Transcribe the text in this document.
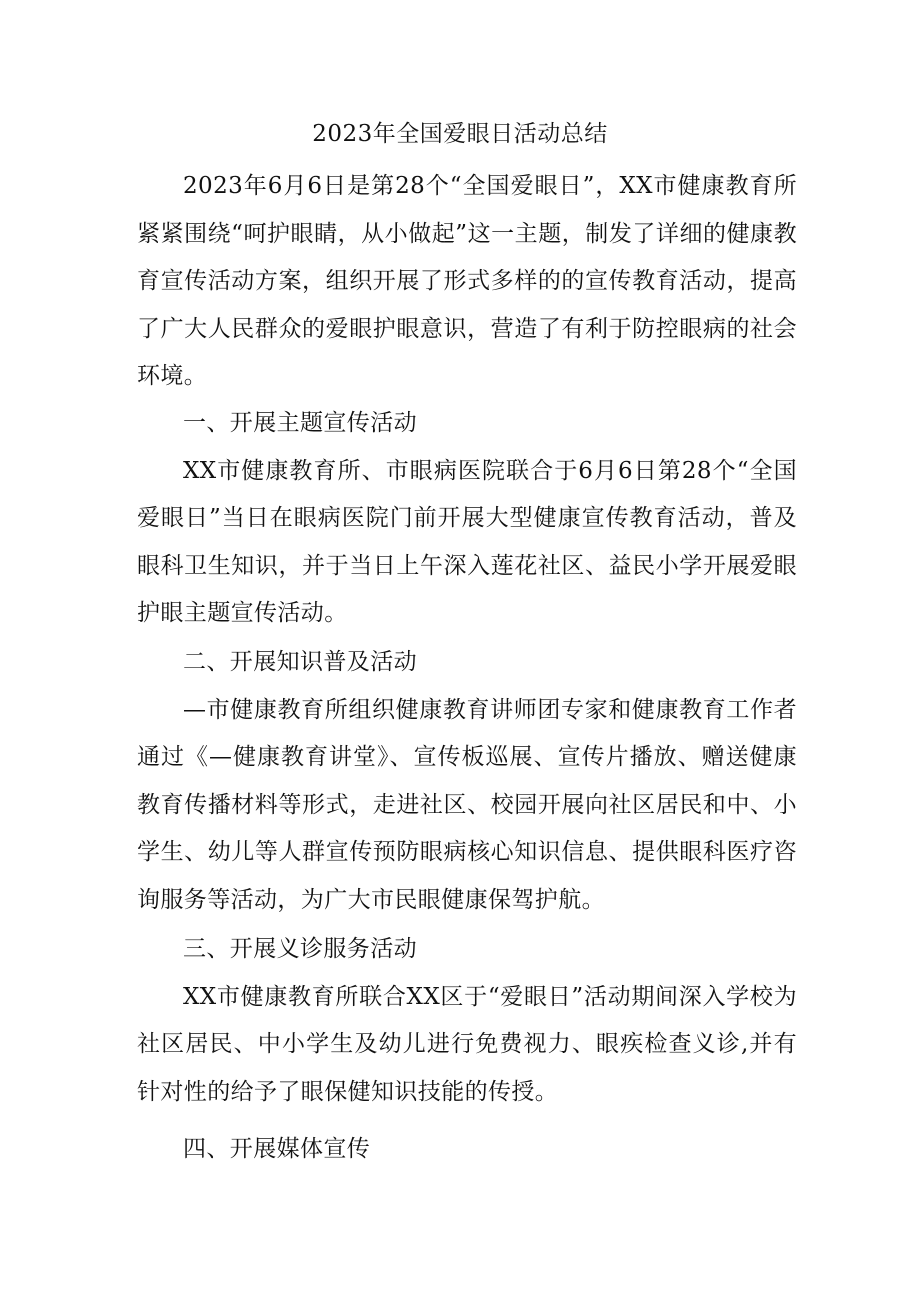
2023年全国爱眼日活动总结

2023年6月6日是第28个“全国爱眼日”，XX市健康教育所紧紧围绕“呵护眼睛，从小做起”这一主题，制发了详细的健康教育宣传活动方案，组织开展了形式多样的的宣传教育活动，提高了广大人民群众的爱眼护眼意识，营造了有利于防控眼病的社会环境。

一、开展主题宣传活动

XX市健康教育所、市眼病医院联合于6月6日第28个“全国爱眼日”当日在眼病医院门前开展大型健康宣传教育活动，普及眼科卫生知识，并于当日上午深入莲花社区、益民小学开展爱眼护眼主题宣传活动。

二、开展知识普及活动

—市健康教育所组织健康教育讲师团专家和健康教育工作者通过《—健康教育讲堂》、宣传板巡展、宣传片播放、赠送健康教育传播材料等形式，走进社区、校园开展向社区居民和中、小学生、幼儿等人群宣传预防眼病核心知识信息、提供眼科医疗咨询服务等活动，为广大市民眼健康保驾护航。

三、开展义诊服务活动

XX市健康教育所联合XX区于“爱眼日”活动期间深入学校为社区居民、中小学生及幼儿进行免费视力、眼疾检查义诊,并有针对性的给予了眼保健知识技能的传授。

四、开展媒体宣传
